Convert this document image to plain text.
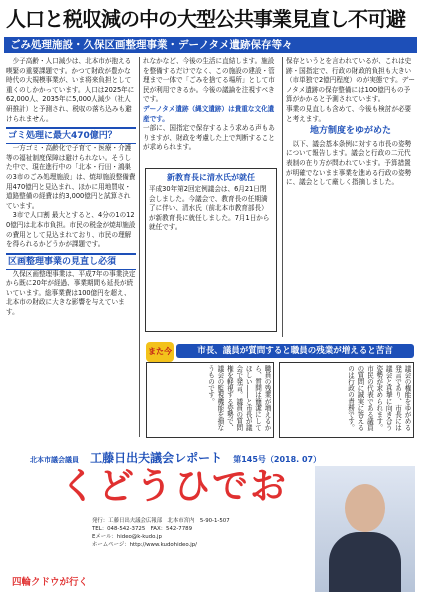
人口と税収減の中の大型公共事業見直し不可避
ごみ処理施設・久保区画整理事業・デーノタメ遺跡保存等々

少子高齢・人口減少は、北本市が抱える喫緊の重要課題です。かつて財政が豊かな時代の大規模事業が、いま将来負担として重くのしかかっています。人口は2025年に62,000人、2035年に5,000人減少（社人研推計）と予測され、税収の落ち込みも避けられません。

ゴミ処理に最大470億円？

一方ゴミ・高齢化で子育て・医療・介護等の福祉制度保障は避けられない。そうした中で、現在進行中の「北本・行田・鴻巣の3市のごみ処理施設」は、焼却施設整備費用470億円と見込まれ、ほかに用地買収・道路整備の経費は約3,000億円と試算されています。

3市で人口割 最大とすると、4分の1の120億円は北本市負担。市民の税金が焼却施設の費用として見込まれており、市民の理解を得られるかどうかが課題です。

区画整理事業の見直し必須

久保区画整理事業は、平成7年の事業決定から既に20年が経過、事業期間も延長が続いています。総事業費は100億円を超え、北本市の財政に大きな影響を与えています。

れなかなど、今後の生活に直結します。施設を整備するだけでなく、この施設の建設・管理まで一体で「ごみを捨てる場所」として市民が利用できるか。今後の議論を注視すべきです。

デーノタメ遺跡（縄文遺跡）は貴重な文化遺産です。

一部に、国指定で保存するよう求める声もありますが、財政を考慮した上で判断することが求められます。

新教育長に清水氏が就任
平成30年第2回定例議会は、6月21日閉会しました。今議会で、教育長の任期満了に伴い、清水氏（前北本市教育部長）が新教育長に就任しました。7月1日から就任です。

保存というとを言われているが、これは史跡・国指定で、行政の財政的負担も大きい（市単独で2億円程度）のが実態です。デーノタメ遺跡の保存整備には100億円もの予算がかかると予測されています。

事業の見直しも含めて、今後も検討が必要と考えます。

地方制度をゆがめた

以下、議会基本条例に対する市長の姿勢について報告します。議会と行政の二元代表制の在り方が問われています。予算措置が明確でないまま事業を進める行政の姿勢に、議会として厳しく指摘しました。

また今	市長、議員が質問すると職員の残業が増えると苦言
職員の残業が増えるから、質問は簡潔にしてほしい――と市長が議会で発言。議員の質問権を軽視する姿勢で、議会の監視機能を損なうものです。	議会の権能をゆがめる発言であり、市長には議会と真摯に向き合う姿勢が求められます。市民の代表である議員の質問に誠実に答えるのは行政の責務です。
北本市議会議員 工藤日出夫議会レポート 第145号（2018. 07）
くどうひでお
発行：工藤日出夫議会広報部　北本市宮内　5-90-1-507
TEL：048-542-3725　FAX：542-7789
Eメール：hideo@k-kudo.jp
ホームページ：http://www.kudohideo.jp/
四輪クドウが行く
